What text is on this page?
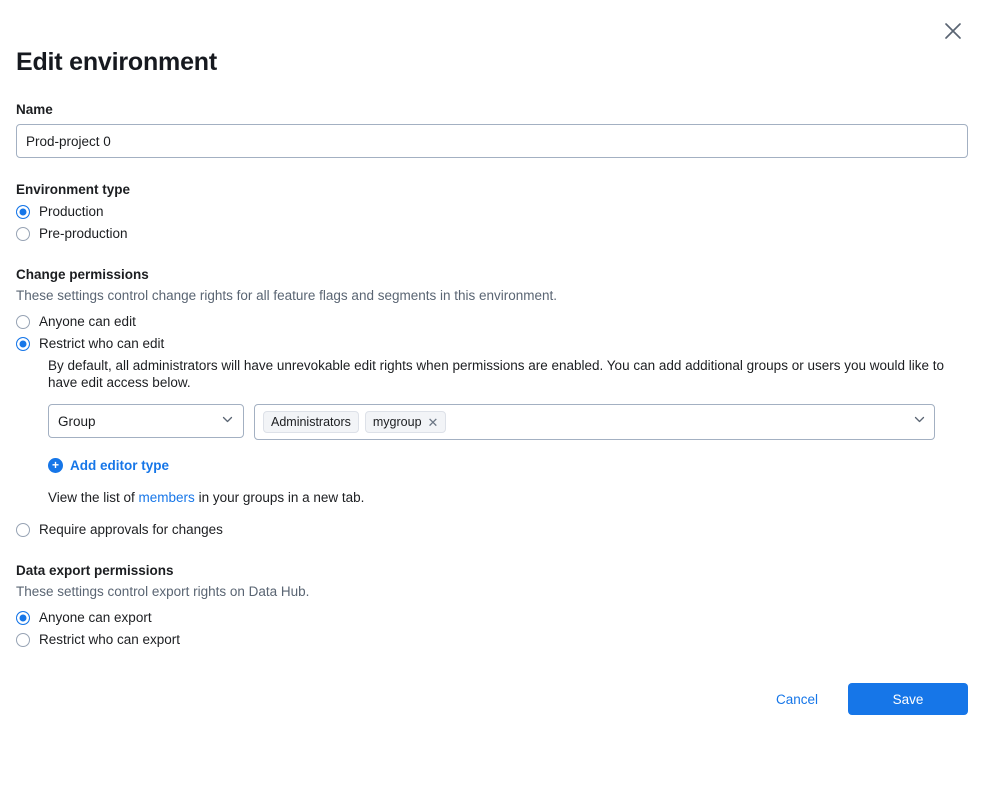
Edit environment
Name
Prod-project 0
Environment type
Production
Pre-production
Change permissions
These settings control change rights for all feature flags and segments in this environment.
Anyone can edit
Restrict who can edit
By default, all administrators will have unrevokable edit rights when permissions are enabled. You can add additional groups or users you would like to have edit access below.
Group	Administrators mygroup ✕
+ Add editor type
View the list of members in your groups in a new tab.
Require approvals for changes
Data export permissions
These settings control export rights on Data Hub.
Anyone can export
Restrict who can export
Cancel	Save
